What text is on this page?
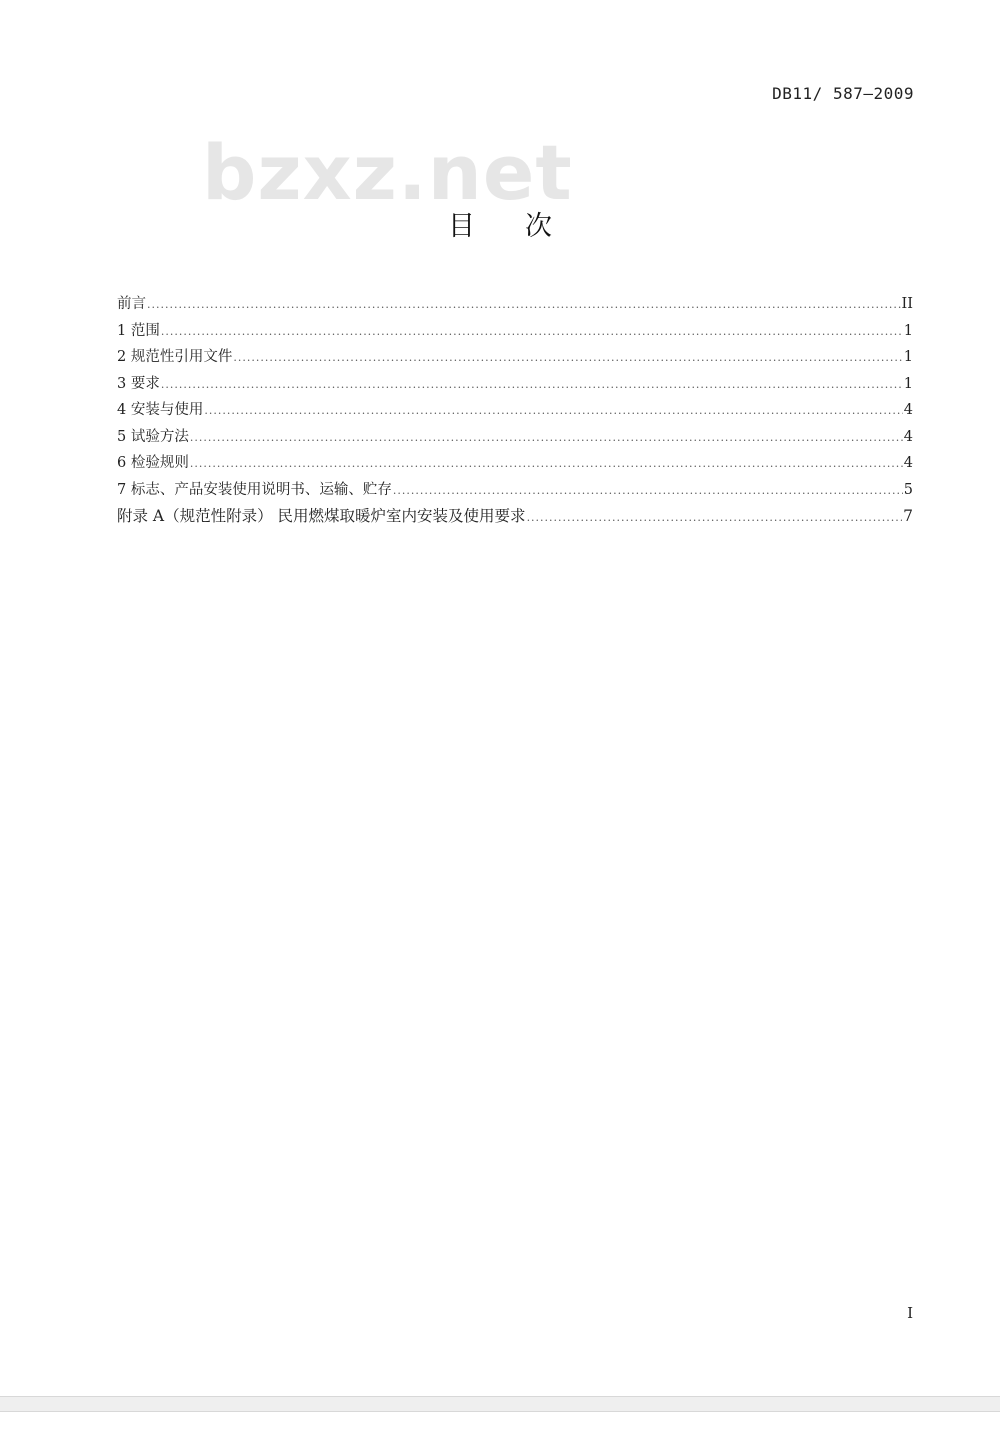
DB11/ 587—2009
bzxz.net
目次
前言 .....	II
1 范围 .....	1
2 规范性引用文件 .....	1
3 要求 .....	1
4 安装与使用 .....	4
5 试验方法 .....	4
6 检验规则 .....	4
7 标志、产品安装使用说明书、运输、贮存 .....	5
附录 A（规范性附录） 民用燃煤取暖炉室内安装及使用要求 .....	7
I
